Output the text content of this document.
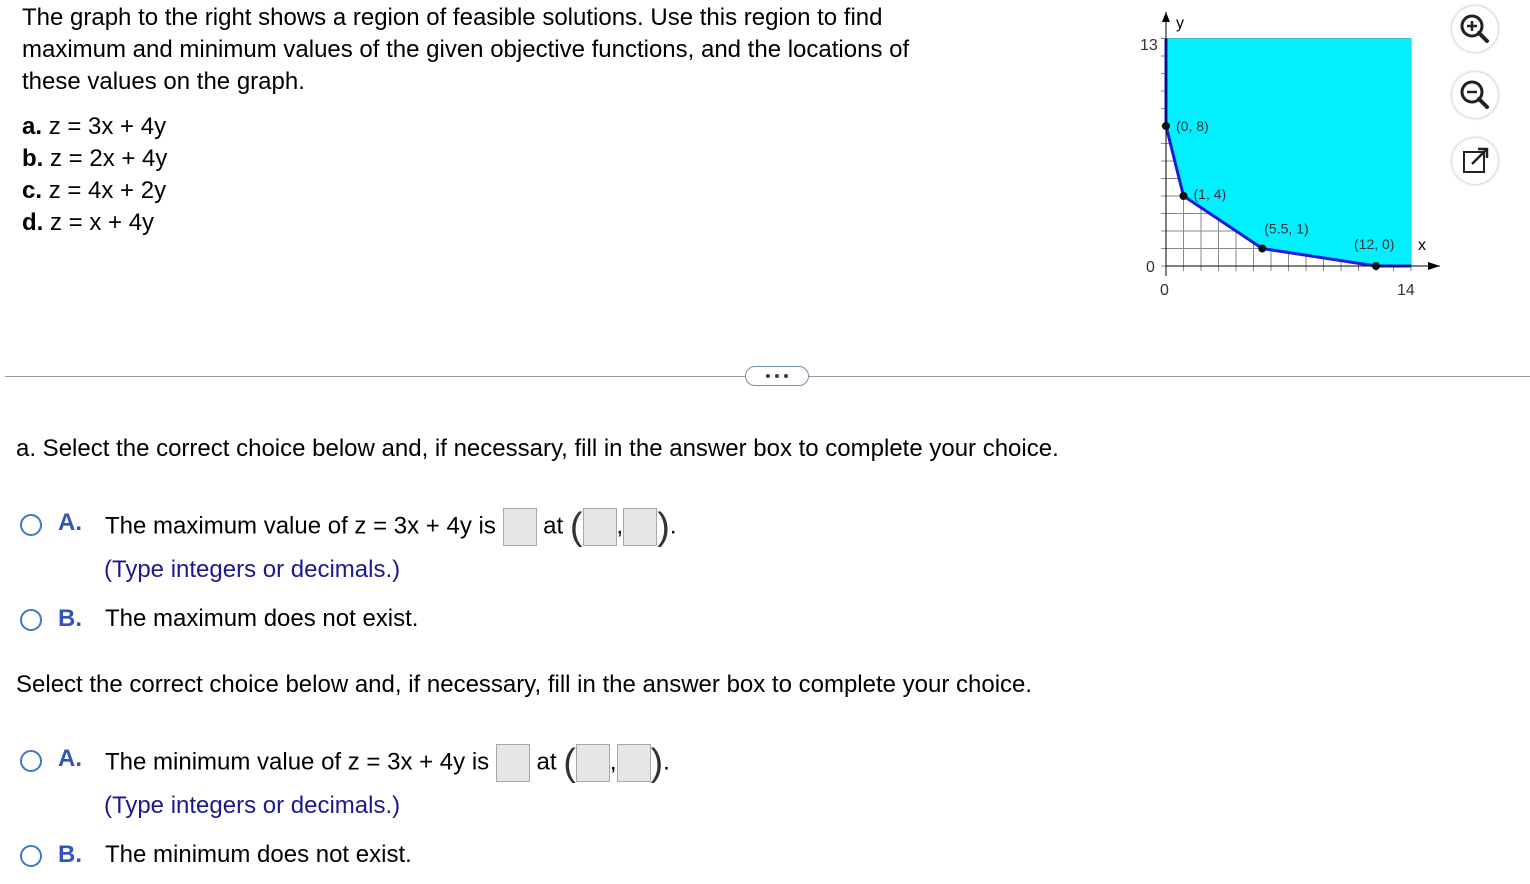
The graph to the right shows a region of feasible solutions. Use this region to find

maximum and minimum values of the given objective functions, and the locations of

these values on the graph.

a. z = 3x + 4y
b. z = 2x + 4y
c. z = 4x + 2y
d. z = x + 4y
y
x
13
0
0	14
(0, 8)
(1, 4)
(5.5, 1)
(12, 0)
a. Select the correct choice below and, if necessary, fill in the answer box to complete your choice.
A. The maximum value of z = 3x + 4y is at ( , ).
(Type integers or decimals.)
B. The maximum does not exist.
Select the correct choice below and, if necessary, fill in the answer box to complete your choice.
A. The minimum value of z = 3x + 4y is at ( , ).
(Type integers or decimals.)
B. The minimum does not exist.
